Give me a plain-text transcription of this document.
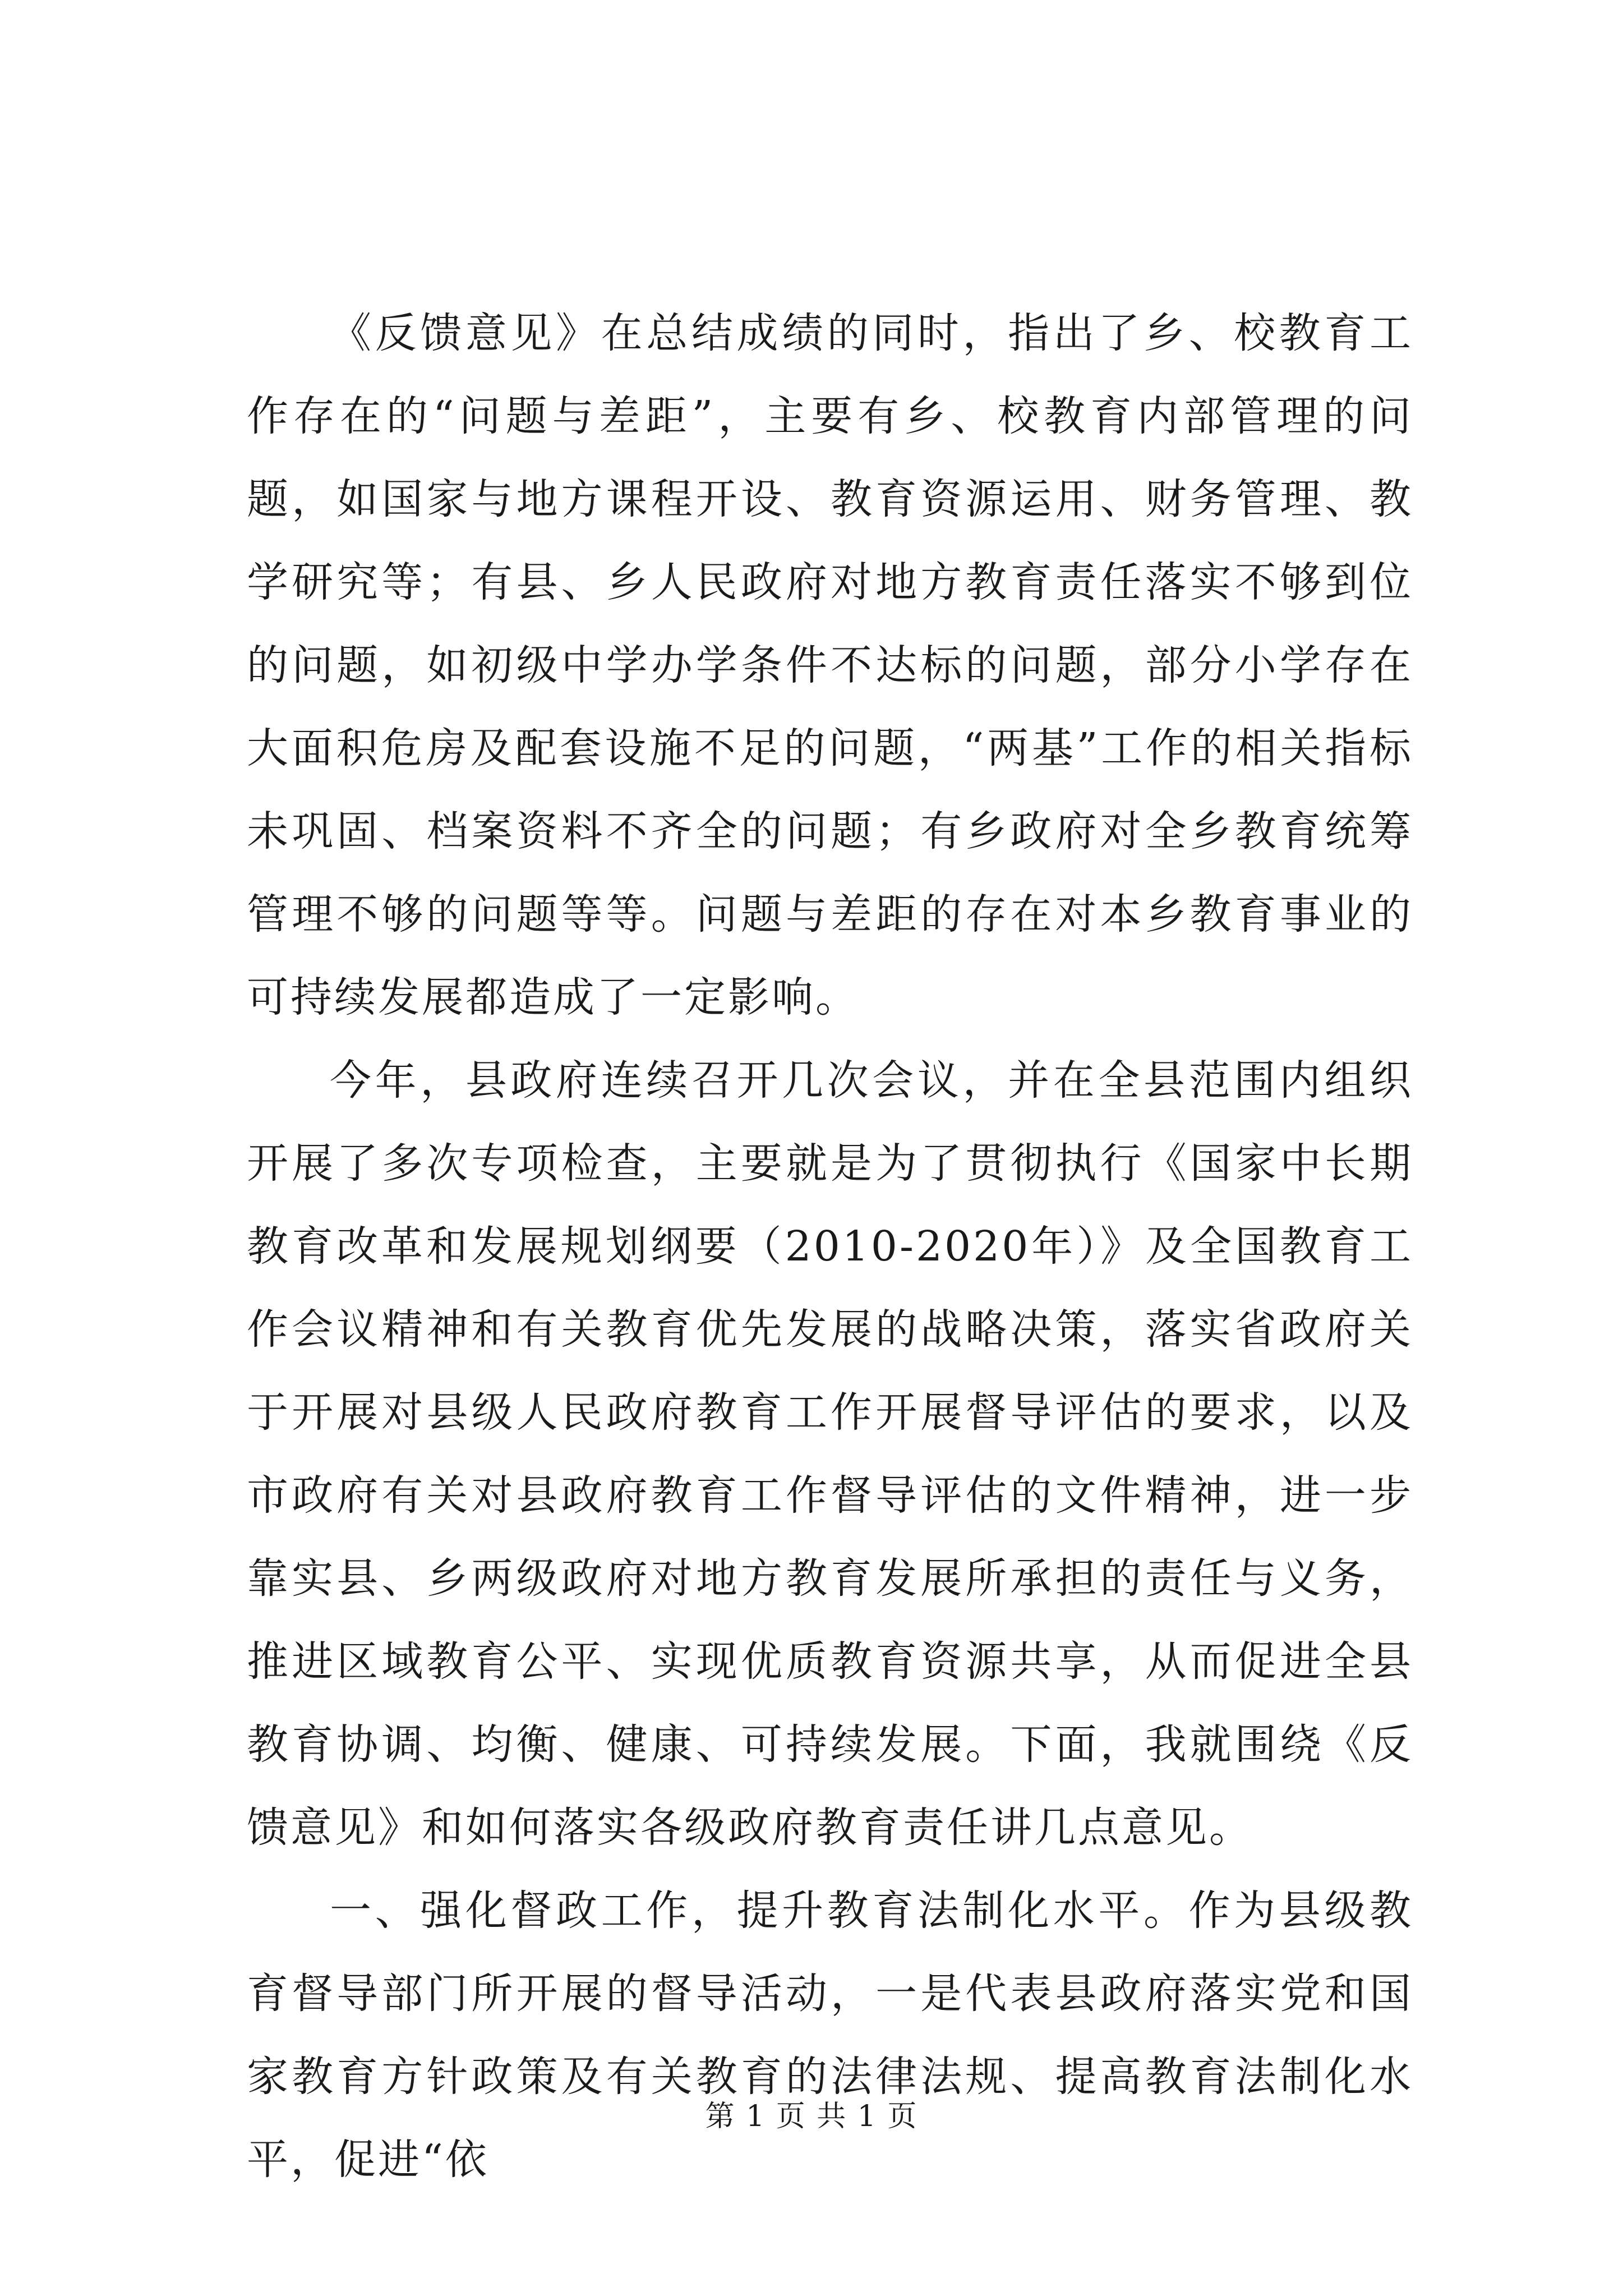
《反馈意见》在总结成绩的同时，指出了乡、校教育工作存在的“问题与差距”，主要有乡、校教育内部管理的问题，如国家与地方课程开设、教育资源运用、财务管理、教学研究等；有县、乡人民政府对地方教育责任落实不够到位的问题，如初级中学办学条件不达标的问题，部分小学存在大面积危房及配套设施不足的问题，“两基”工作的相关指标未巩固、档案资料不齐全的问题；有乡政府对全乡教育统筹管理不够的问题等等。问题与差距的存在对本乡教育事业的可持续发展都造成了一定影响。

今年，县政府连续召开几次会议，并在全县范围内组织开展了多次专项检查，主要就是为了贯彻执行《国家中长期教育改革和发展规划纲要（2010-2020年）》及全国教育工作会议精神和有关教育优先发展的战略决策，落实省政府关于开展对县级人民政府教育工作开展督导评估的要求，以及市政府有关对县政府教育工作督导评估的文件精神，进一步靠实县、乡两级政府对地方教育发展所承担的责任与义务，推进区域教育公平、实现优质教育资源共享，从而促进全县教育协调、均衡、健康、可持续发展。下面，我就围绕《反馈意见》和如何落实各级政府教育责任讲几点意见。

一、强化督政工作，提升教育法制化水平。作为县级教育督导部门所开展的督导活动，一是代表县政府落实党和国家教育方针政策及有关教育的法律法规、提高教育法制化水平，促进“依

第 1 页 共 1 页
